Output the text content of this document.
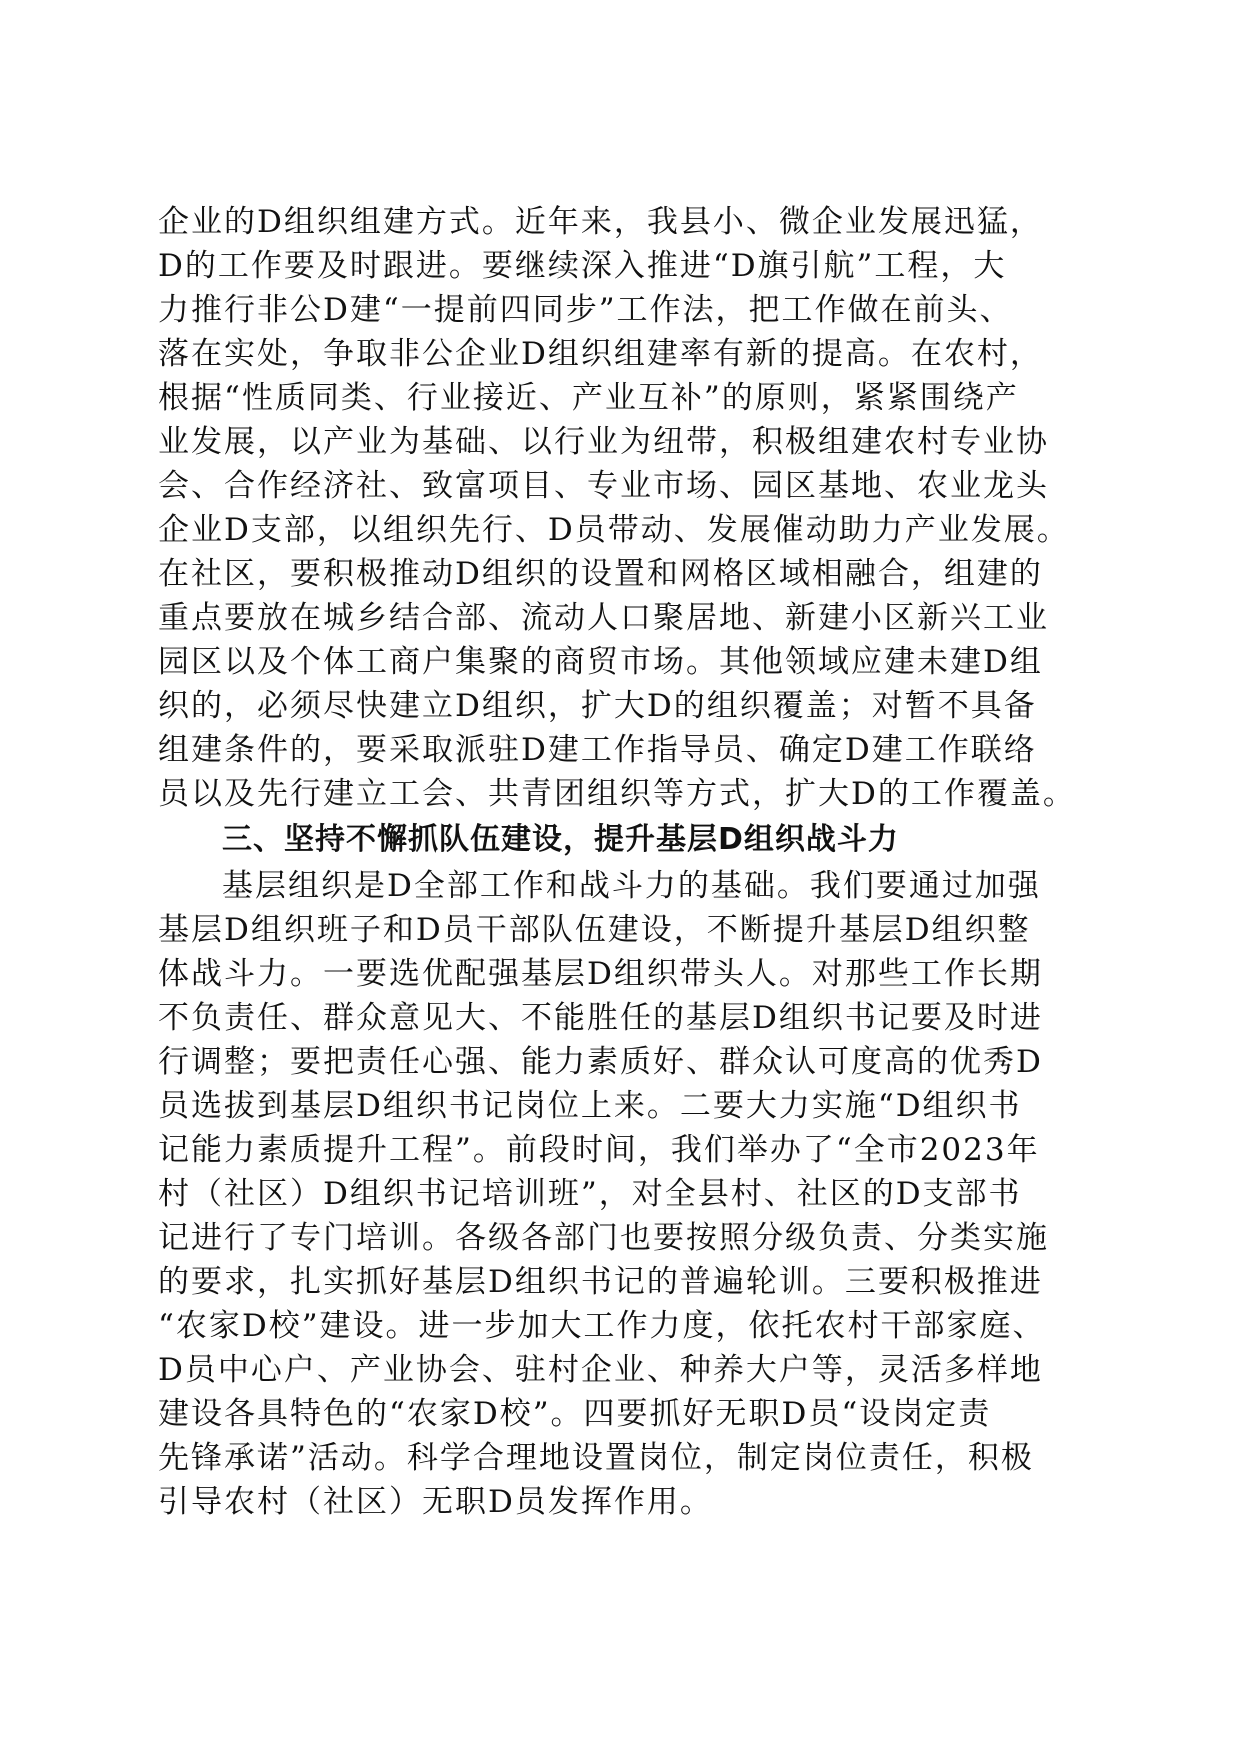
企业的D组织组建方式。近年来，我县小、微企业发展迅猛，
D的工作要及时跟进。要继续深入推进“D旗引航”工程，大
力推行非公D建“一提前四同步”工作法，把工作做在前头、
落在实处，争取非公企业D组织组建率有新的提高。在农村，
根据“性质同类、行业接近、产业互补”的原则，紧紧围绕产
业发展，以产业为基础、以行业为纽带，积极组建农村专业协
会、合作经济社、致富项目、专业市场、园区基地、农业龙头
企业D支部，以组织先行、D员带动、发展催动助力产业发展。
在社区，要积极推动D组织的设置和网格区域相融合，组建的
重点要放在城乡结合部、流动人口聚居地、新建小区新兴工业
园区以及个体工商户集聚的商贸市场。其他领域应建未建D组
织的，必须尽快建立D组织，扩大D的组织覆盖；对暂不具备
组建条件的，要采取派驻D建工作指导员、确定D建工作联络
员以及先行建立工会、共青团组织等方式，扩大D的工作覆盖。
三、坚持不懈抓队伍建设，提升基层D组织战斗力
基层组织是D全部工作和战斗力的基础。我们要通过加强
基层D组织班子和D员干部队伍建设，不断提升基层D组织整
体战斗力。一要选优配强基层D组织带头人。对那些工作长期
不负责任、群众意见大、不能胜任的基层D组织书记要及时进
行调整；要把责任心强、能力素质好、群众认可度高的优秀D
员选拔到基层D组织书记岗位上来。二要大力实施“D组织书
记能力素质提升工程”。前段时间，我们举办了“全市2023年
村（社区）D组织书记培训班”，对全县村、社区的D支部书
记进行了专门培训。各级各部门也要按照分级负责、分类实施
的要求，扎实抓好基层D组织书记的普遍轮训。三要积极推进
“农家D校”建设。进一步加大工作力度，依托农村干部家庭、
D员中心户、产业协会、驻村企业、种养大户等，灵活多样地
建设各具特色的“农家D校”。四要抓好无职D员“设岗定责
先锋承诺”活动。科学合理地设置岗位，制定岗位责任，积极
引导农村（社区）无职D员发挥作用。
